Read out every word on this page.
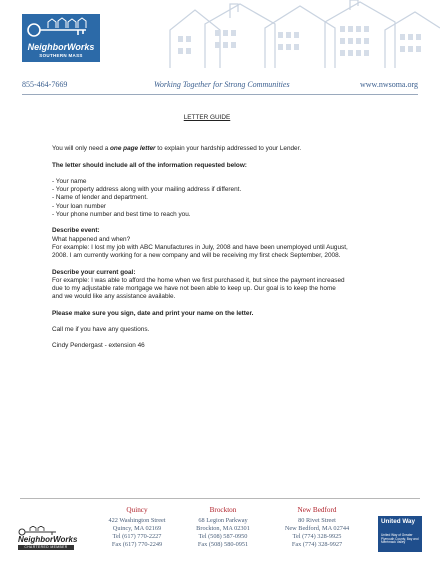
NeighborWorks
SOUTHERN MASS
855-464-7669	Working Together for Strong Communities	www.nwsoma.org
LETTER GUIDE

You will only need a one page letter to explain your hardship addressed to your Lender.

The letter should include all of the information requested below:

- Your name

- Your property address along with your mailing address if different.

- Name of lender and department.

- Your loan number

- Your phone number and best time to reach you.

Describe event:

What happened and when?

For example: I lost my job with ABC Manufactures in July, 2008 and have been unemployed until August,

2008. I am currently working for a new company and will be receiving my first check September, 2008.

Describe your current goal:

For example: I was able to afford the home when we first purchased it, but since the payment increased

due to my adjustable rate mortgage we have not been able to keep up. Our goal is to keep the home

and we would like any assistance available.

Please make sure you sign, date and print your name on the letter.

Call me if you have any questions.

Cindy Pendergast - extension 46

Quincy
422 Washington Street
Quincy, MA 02169
Tel (617) 770-2227
Fax (617) 770-2249
Brockton
68 Legion Parkway
Brockton, MA 02301
Tel (508) 587-0950
Fax (508) 580-0951
New Bedford
80 Rivet Street
New Bedford, MA 02744
Tel (774) 328-9925
Fax (774) 328-9927
NeighborWorks
CHARTERED MEMBER
United Way
United Way of Greater Plymouth County, Bay and Merrimack Valley
